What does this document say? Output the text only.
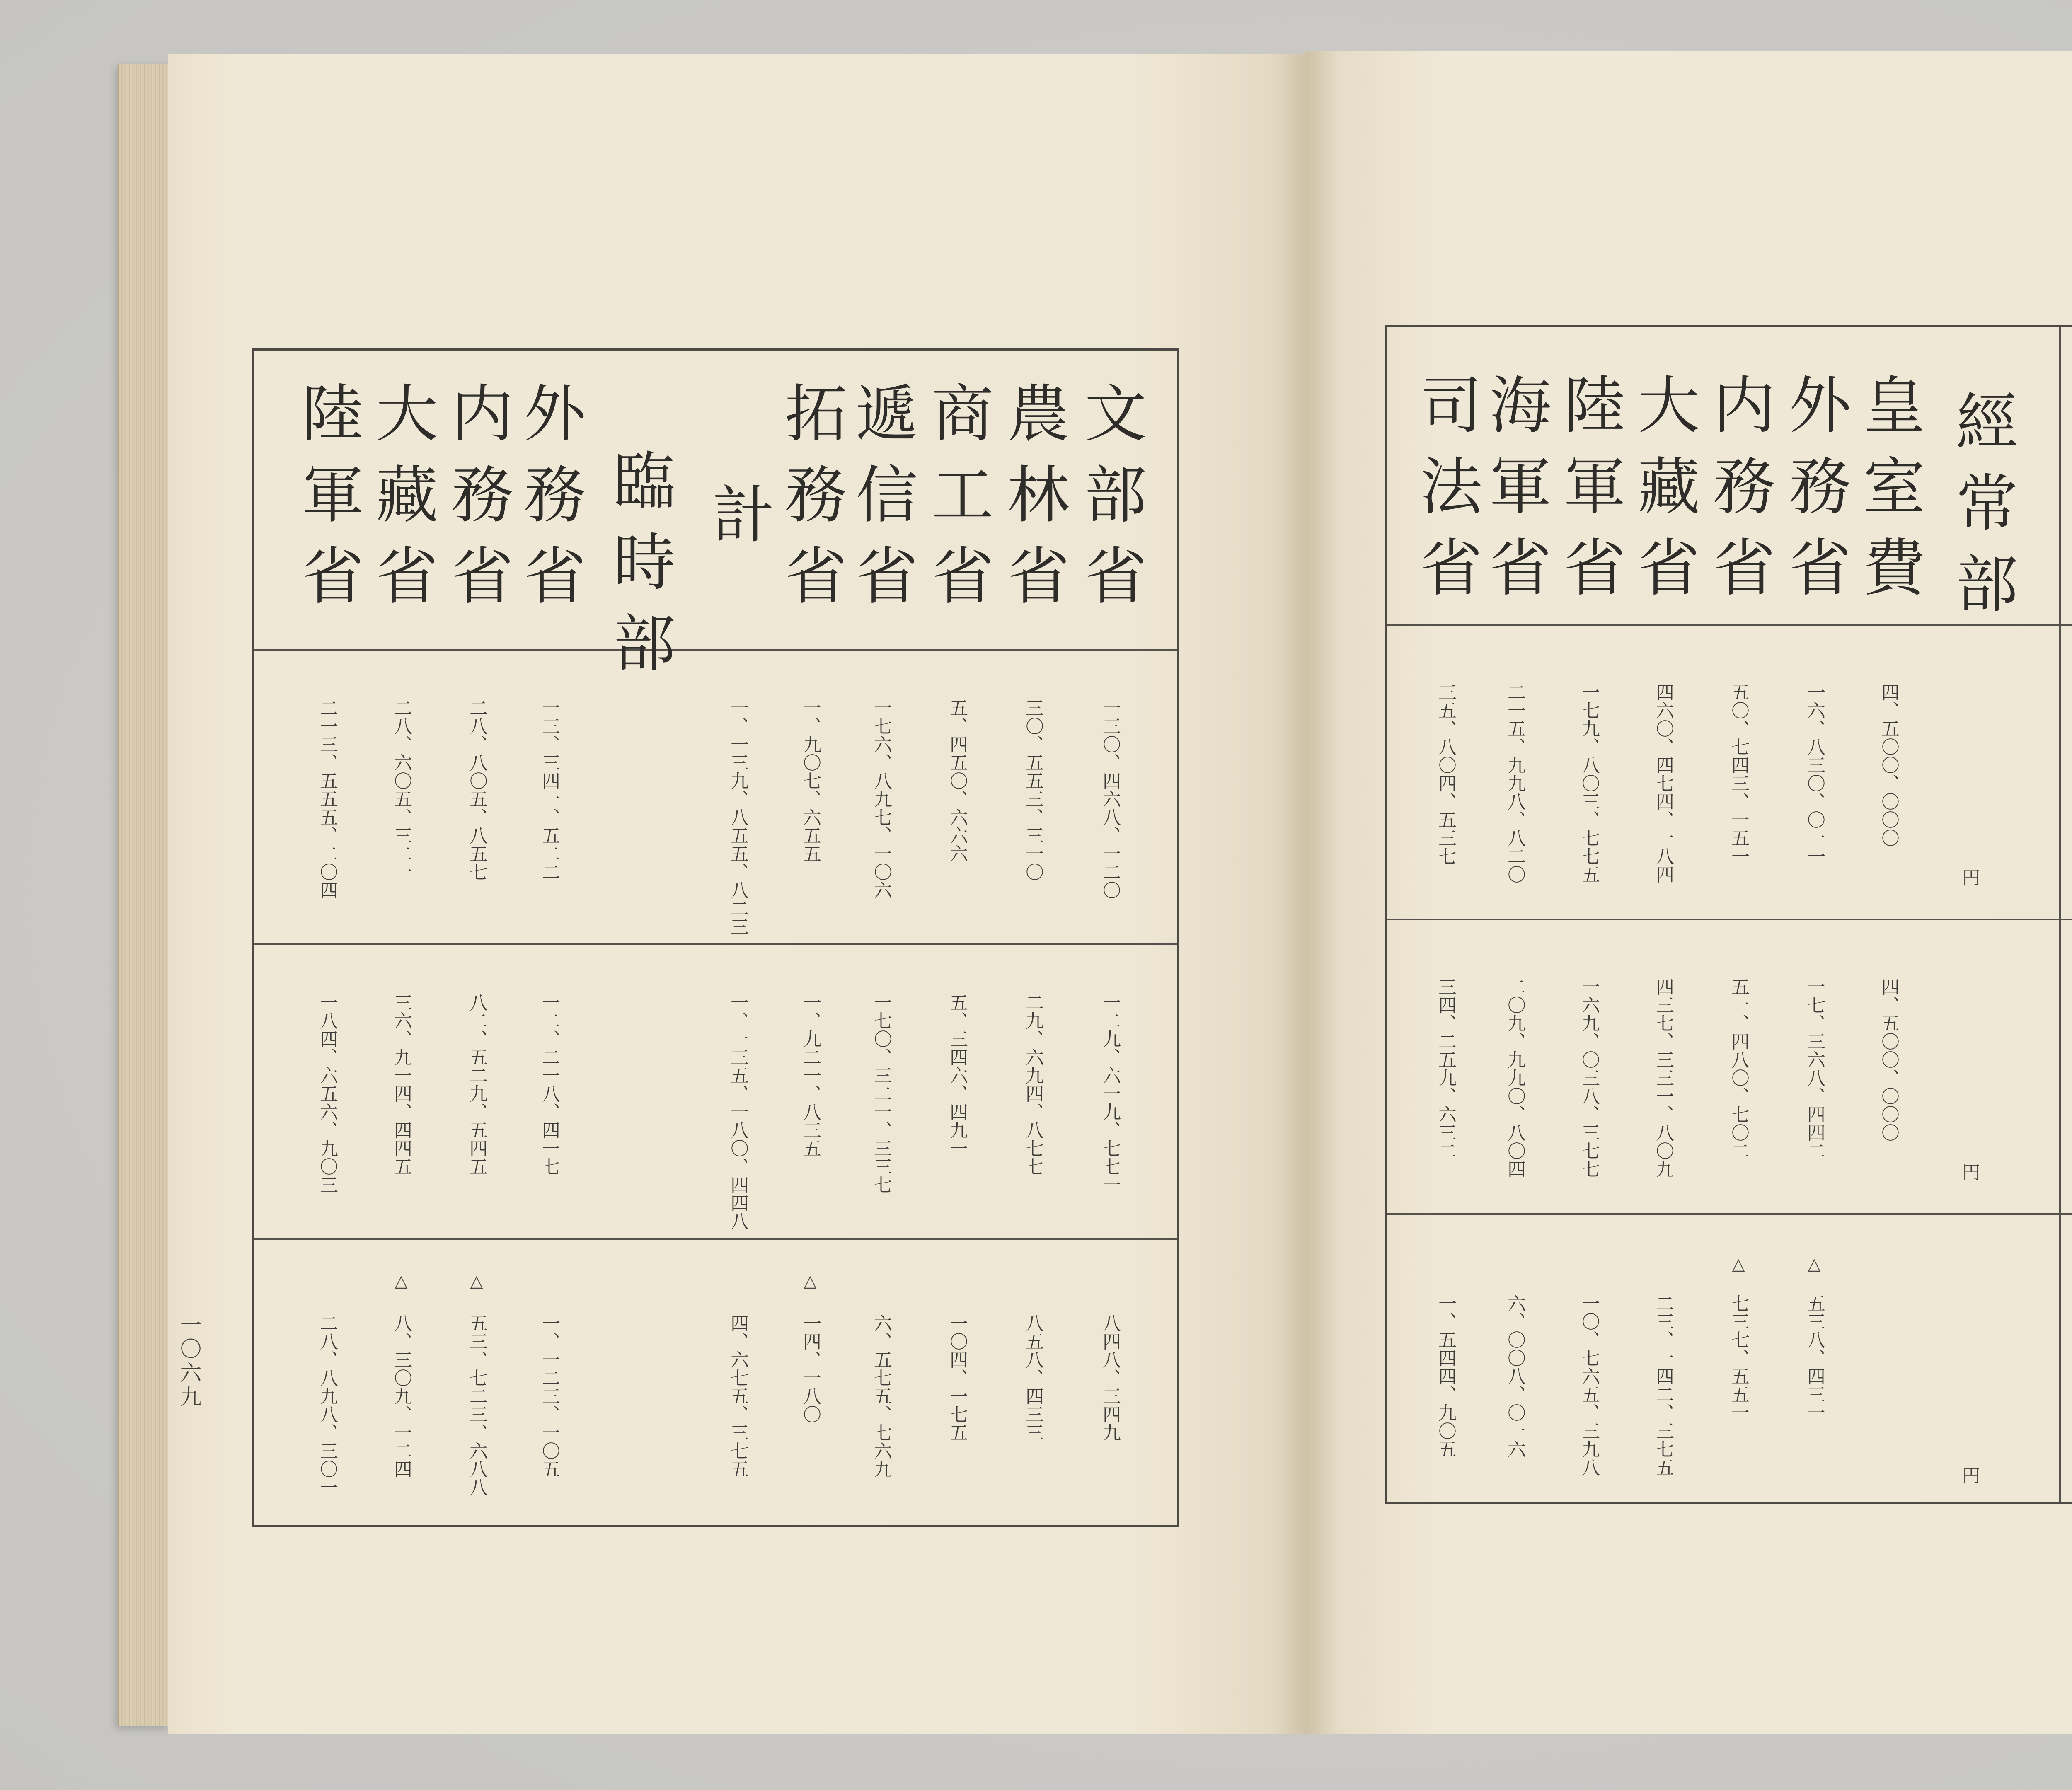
文部省
一三〇、四六八、一二〇
一二九、六一九、七七一
八四八、三四九
農林省
三〇、五五三、三一〇
二九、六九四、八七七
八五八、四三三
商工省
五、四五〇、六六六
五、三四六、四九一
一〇四、一七五
遞信省
一七六、八九七、一〇六
一七〇、三二一、三三七
六、五七五、七六九
拓務省
一、九〇七、六五五
一、九二一、八三五
△
一四、一八〇
計
一、一三九、八五五、八二三
一、一三五、一八〇、四四八
四、六七五、三七五
臨時部
外務省
一三、三四一、五二二
一二、二一八、四一七
一、一二三、一〇五
内務省
二八、八〇五、八五七
八二、五二九、五四五
△
五三、七二三、六八八
大藏省
二八、六〇五、三二一
三六、九一四、四四五
△
八、三〇九、一二四
陸軍省
二一三、五五五、二〇四
一八四、六五六、九〇三
二八、八九八、三〇一
一〇六九
經常部
皇室費
四、五〇〇、〇〇〇
四、五〇〇、〇〇〇
外務省
一六、八三〇、〇一一
一七、三六八、四四二
△
五三八、四三一
内務省
五〇、七四三、一五一
五一、四八〇、七〇二
△
七三七、五五一
大藏省
四六〇、四七四、一八四
四三七、三三一、八〇九
二三、一四二、三七五
陸軍省
一七九、八〇三、七七五
一六九、〇三八、三七七
一〇、七六五、三九八
海軍省
二一五、九九八、八二〇
二〇九、九九〇、八〇四
六、〇〇八、〇一六
司法省
三五、八〇四、五三七
三四、二五九、六三二
一、五四四、九〇五
円
円
円
